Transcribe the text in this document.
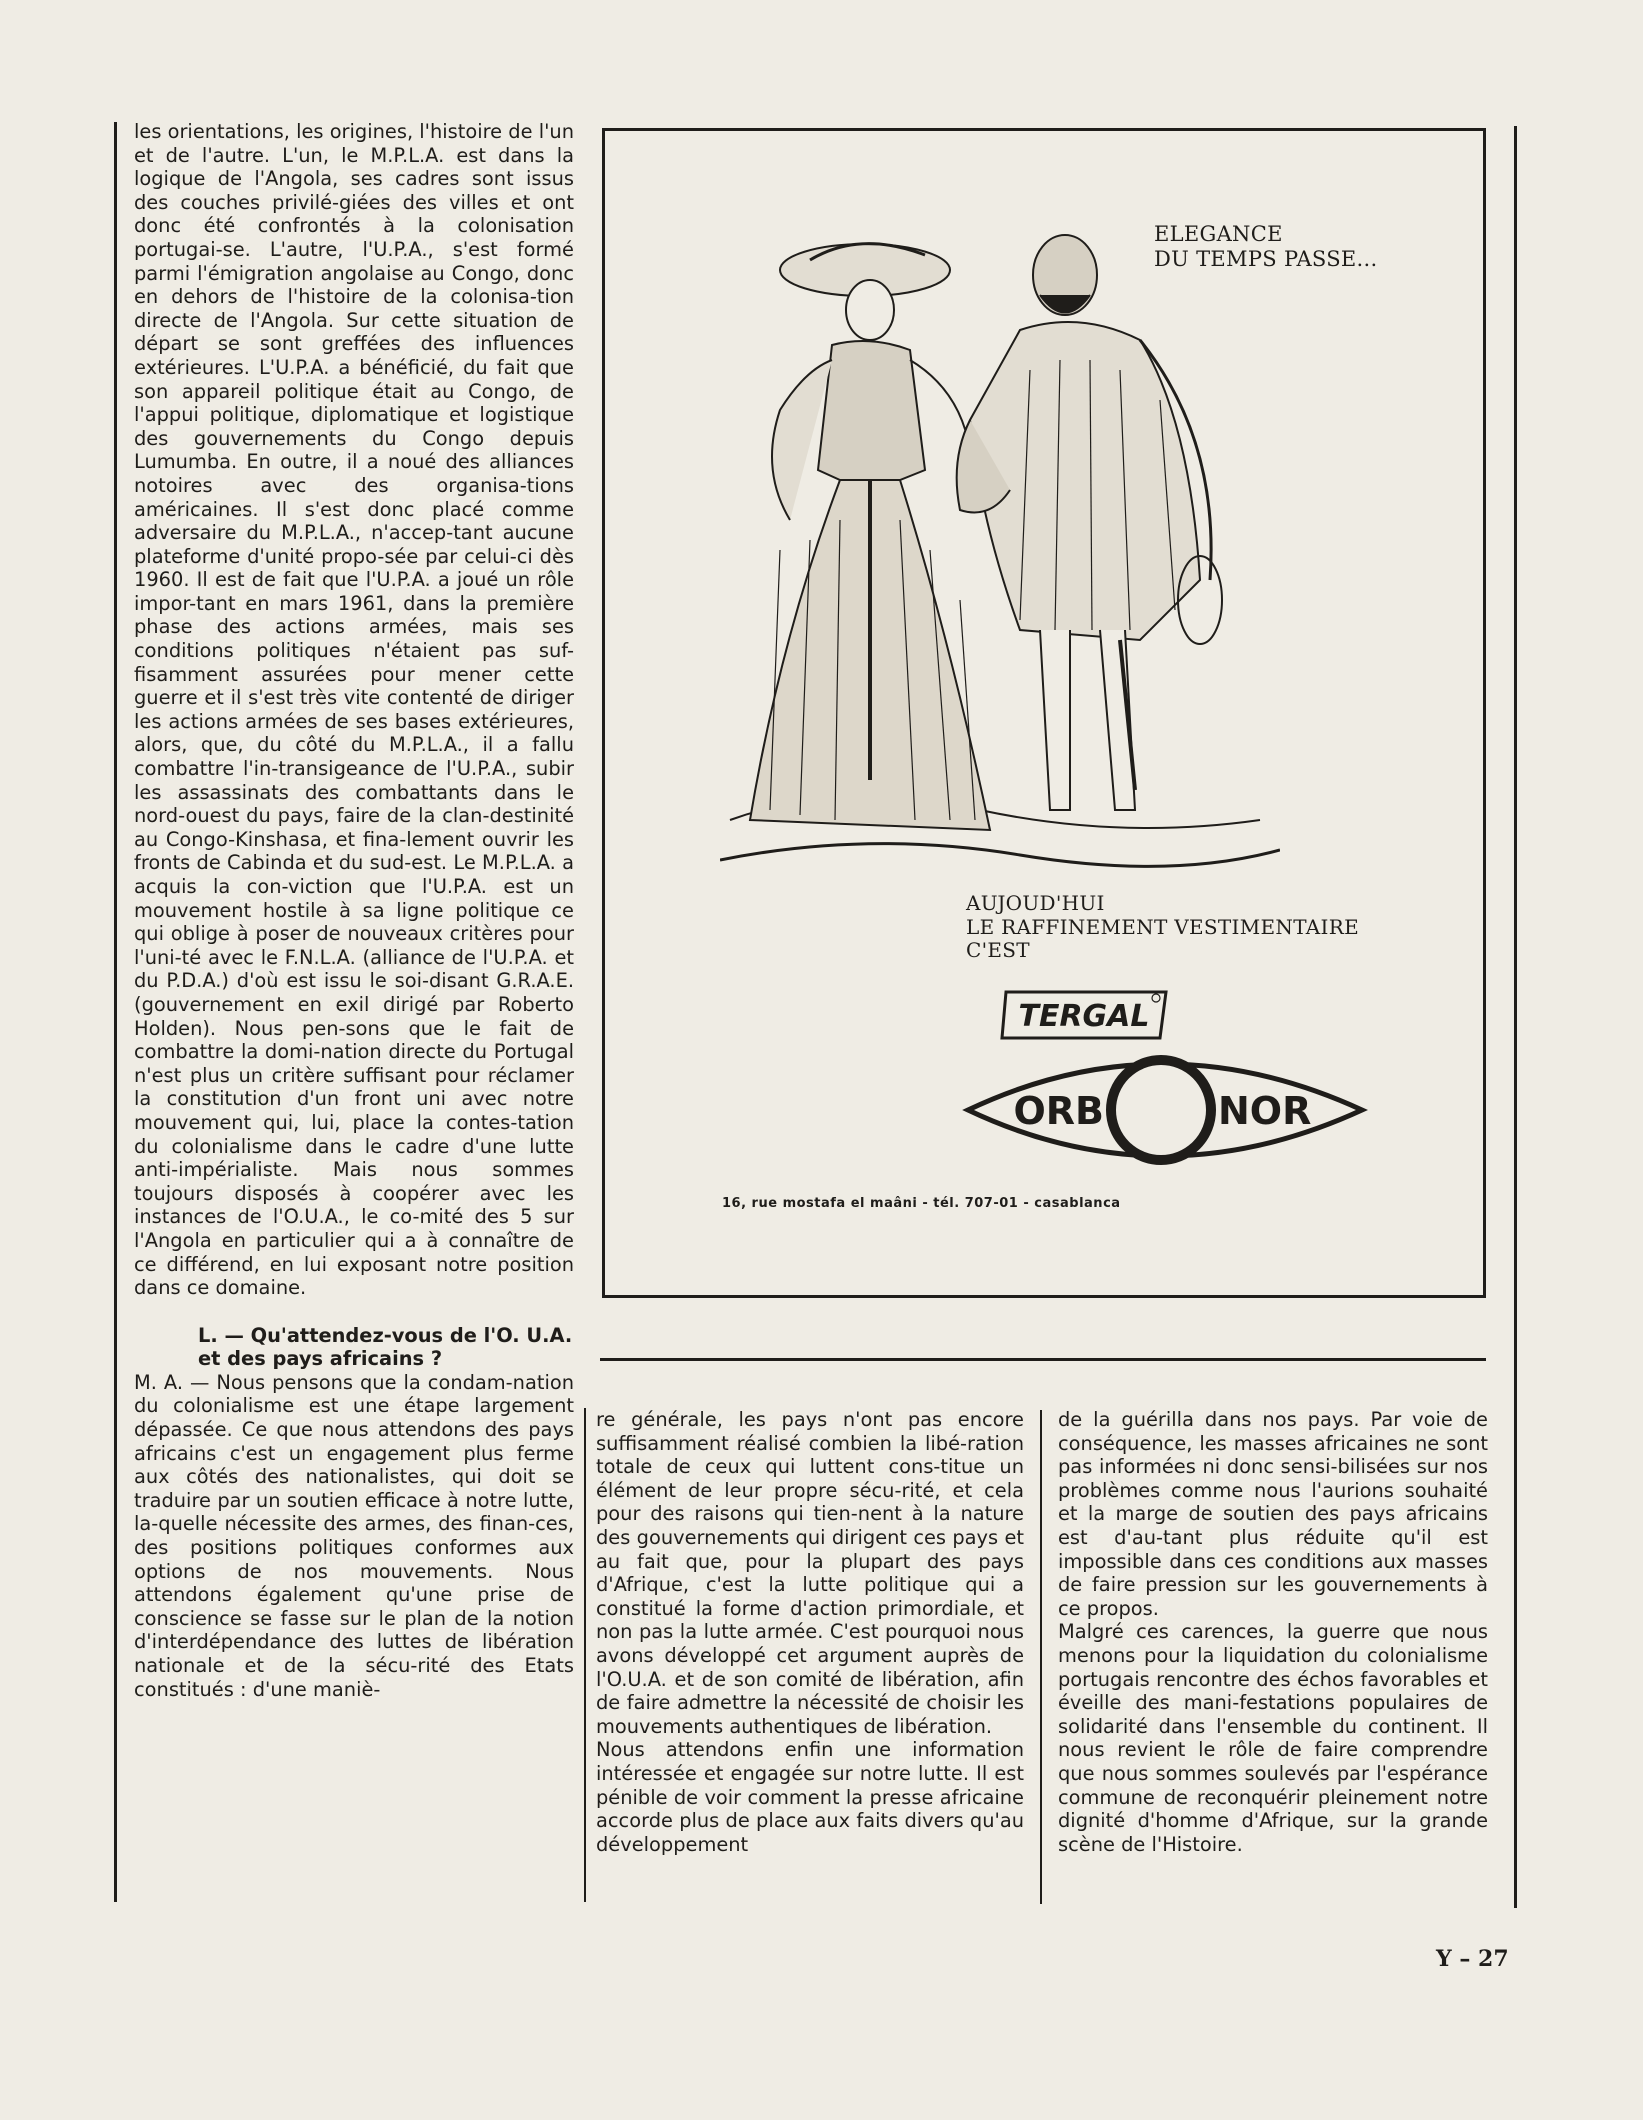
les orientations, les origines, l'histoire de l'un et de l'autre. L'un, le M.P.L.A. est dans la logique de l'Angola, ses cadres sont issus des couches privilé-giées des villes et ont donc été confrontés à la colonisation portugai-se. L'autre, l'U.P.A., s'est formé parmi l'émigration angolaise au Congo, donc en dehors de l'histoire de la colonisa-tion directe de l'Angola. Sur cette situation de départ se sont greffées des influences extérieures. L'U.P.A. a bénéficié, du fait que son appareil politique était au Congo, de l'appui politique, diplomatique et logistique des gouvernements du Congo depuis Lumumba. En outre, il a noué des alliances notoires avec des organisa-tions américaines. Il s'est donc placé comme adversaire du M.P.L.A., n'accep-tant aucune plateforme d'unité propo-sée par celui-ci dès 1960. Il est de fait que l'U.P.A. a joué un rôle impor-tant en mars 1961, dans la première phase des actions armées, mais ses conditions politiques n'étaient pas suf-fisamment assurées pour mener cette guerre et il s'est très vite contenté de diriger les actions armées de ses bases extérieures, alors, que, du côté du M.P.L.A., il a fallu combattre l'in-transigeance de l'U.P.A., subir les assassinats des combattants dans le nord-ouest du pays, faire de la clan-destinité au Congo-Kinshasa, et fina-lement ouvrir les fronts de Cabinda et du sud-est. Le M.P.L.A. a acquis la con-viction que l'U.P.A. est un mouvement hostile à sa ligne politique ce qui oblige à poser de nouveaux critères pour l'uni-té avec le F.N.L.A. (alliance de l'U.P.A. et du P.D.A.) d'où est issu le soi-disant G.R.A.E. (gouvernement en exil dirigé par Roberto Holden). Nous pen-sons que le fait de combattre la domi-nation directe du Portugal n'est plus un critère suffisant pour réclamer la constitution d'un front uni avec notre mouvement qui, lui, place la contes-tation du colonialisme dans le cadre d'une lutte anti-impérialiste. Mais nous sommes toujours disposés à coopérer avec les instances de l'O.U.A., le co-mité des 5 sur l'Angola en particulier qui a à connaître de ce différend, en lui exposant notre position dans ce domaine.

L. — Qu'attendez-vous de l'O. U.A. et des pays africains ?

M. A. — Nous pensons que la condam-nation du colonialisme est une étape largement dépassée. Ce que nous attendons des pays africains c'est un engagement plus ferme aux côtés des nationalistes, qui doit se traduire par un soutien efficace à notre lutte, la-quelle nécessite des armes, des finan-ces, des positions politiques conformes aux options de nos mouvements. Nous attendons également qu'une prise de conscience se fasse sur le plan de la notion d'interdépendance des luttes de libération nationale et de la sécu-rité des Etats constitués : d'une maniè-

re générale, les pays n'ont pas encore suffisamment réalisé combien la libé-ration totale de ceux qui luttent cons-titue un élément de leur propre sécu-rité, et cela pour des raisons qui tien-nent à la nature des gouvernements qui dirigent ces pays et au fait que, pour la plupart des pays d'Afrique, c'est la lutte politique qui a constitué la forme d'action primordiale, et non pas la lutte armée. C'est pourquoi nous avons développé cet argument auprès de l'O.U.A. et de son comité de libération, afin de faire admettre la nécessité de choisir les mouvements authentiques de libération.

Nous attendons enfin une information intéressée et engagée sur notre lutte. Il est pénible de voir comment la presse africaine accorde plus de place aux faits divers qu'au développement

de la guérilla dans nos pays. Par voie de conséquence, les masses africaines ne sont pas informées ni donc sensi-bilisées sur nos problèmes comme nous l'aurions souhaité et la marge de soutien des pays africains est d'au-tant plus réduite qu'il est impossible dans ces conditions aux masses de faire pression sur les gouvernements à ce propos.

Malgré ces carences, la guerre que nous menons pour la liquidation du colonialisme portugais rencontre des échos favorables et éveille des mani-festations populaires de solidarité dans l'ensemble du continent. Il nous revient le rôle de faire comprendre que nous sommes soulevés par l'espérance commune de reconquérir pleinement notre dignité d'homme d'Afrique, sur la grande scène de l'Histoire.

ELEGANCE
DU TEMPS PASSE...
AUJOUD'HUI
LE RAFFINEMENT VESTIMENTAIRE
C'EST
TERGAL
ORB	NOR
16, rue mostafa el maâni - tél. 707-01 - casablanca
Y – 27
